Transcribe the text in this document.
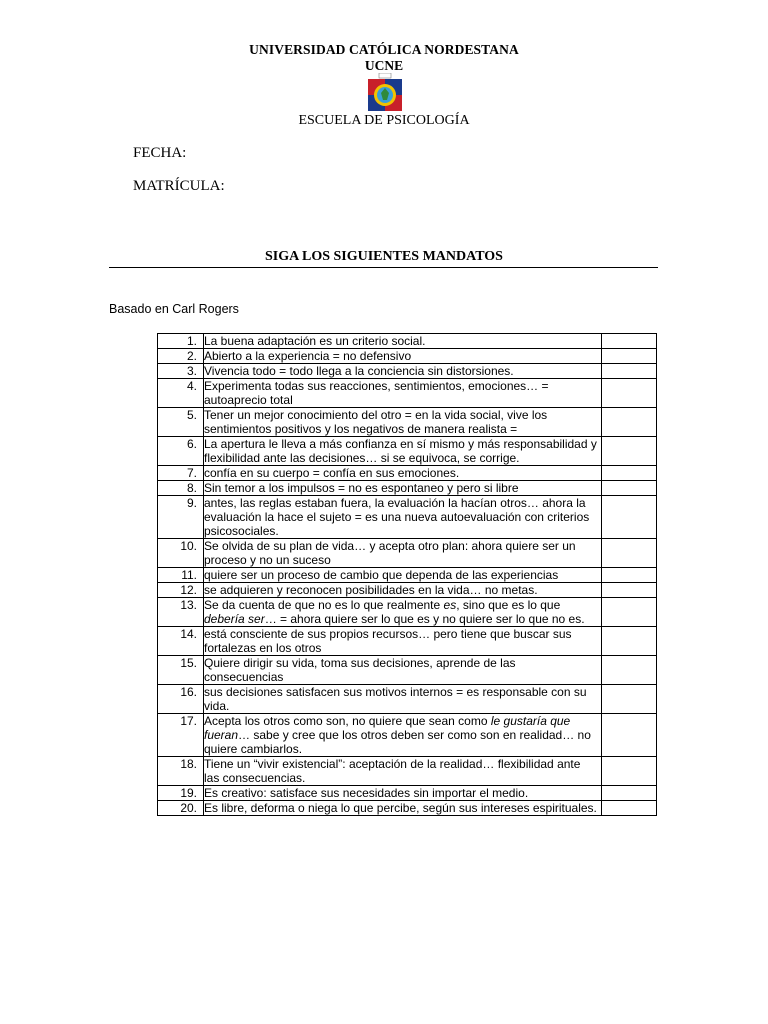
UNIVERSIDAD CATÓLICA NORDESTANA
UCNE
ESCUELA DE PSICOLOGÍA
FECHA:
MATRÍCULA:
SIGA LOS SIGUIENTES MANDATOS
Basado en Carl Rogers
1.	La buena adaptación es un criterio social.	
2.	Abierto a la experiencia = no defensivo	
3.	Vivencia todo = todo llega a la conciencia sin distorsiones.	
4.	Experimenta todas sus reacciones, sentimientos, emociones… = autoaprecio total	
5.	Tener un mejor conocimiento del otro = en la vida social, vive los sentimientos positivos y los negativos de manera realista =	
6.	La apertura le lleva a más confianza en sí mismo y más responsabilidad y flexibilidad ante las decisiones… si se equivoca, se corrige.	
7.	confía en su cuerpo = confía en sus emociones.	
8.	Sin temor a los impulsos = no es espontaneo y pero si libre	
9.	antes, las reglas estaban fuera, la evaluación la hacían otros… ahora la evaluación la hace el sujeto = es una nueva autoevaluación con criterios psicosociales.	
10.	Se olvida de su plan de vida… y acepta otro plan: ahora quiere ser un proceso y no un suceso	
11.	quiere ser un proceso de cambio que dependa de las experiencias	
12.	se adquieren y reconocen posibilidades en la vida… no metas.	
13.	Se da cuenta de que no es lo que realmente es, sino que es lo que debería ser… = ahora quiere ser lo que es y no quiere ser lo que no es.	
14.	está consciente de sus propios recursos… pero tiene que buscar sus fortalezas en los otros	
15.	Quiere dirigir su vida, toma sus decisiones, aprende de las consecuencias	
16.	sus decisiones satisfacen sus motivos internos = es responsable con su vida.	
17.	Acepta los otros como son, no quiere que sean como le gustaría que fueran… sabe y cree que los otros deben ser como son en realidad… no quiere cambiarlos.	
18.	Tiene un “vivir existencial”: aceptación de la realidad… flexibilidad ante las consecuencias.	
19.	Es creativo: satisface sus necesidades sin importar el medio.	
20.	Es libre, deforma o niega lo que percibe, según sus intereses espirituales.	
